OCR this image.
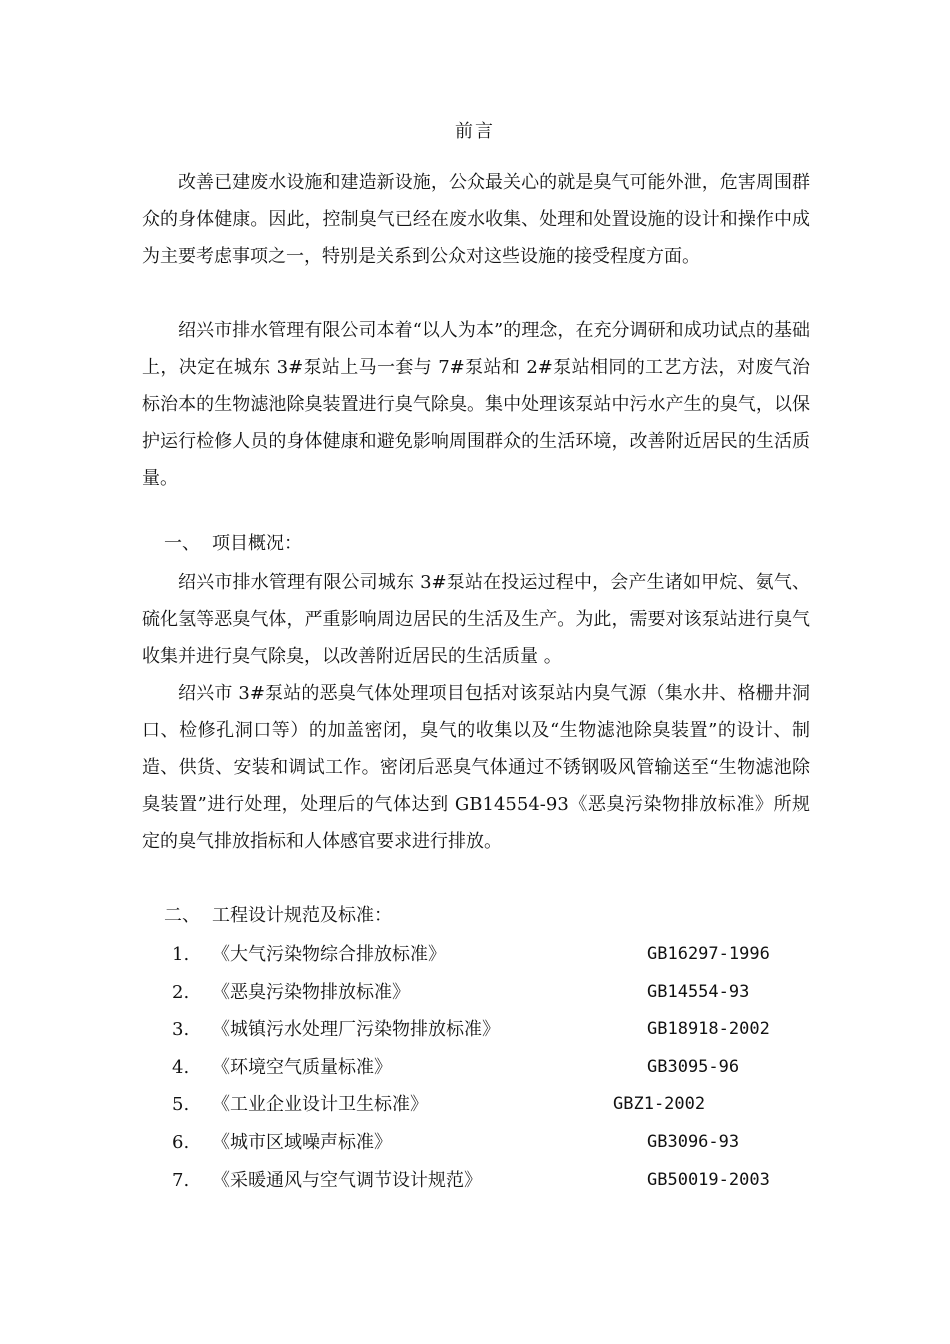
前言

改善已建废水设施和建造新设施，公众最关心的就是臭气可能外泄，危害周围群众的身体健康。因此，控制臭气已经在废水收集、处理和处置设施的设计和操作中成为主要考虑事项之一，特别是关系到公众对这些设施的接受程度方面。

绍兴市排水管理有限公司本着“以人为本”的理念，在充分调研和成功试点的基础上，决定在城东 3#泵站上马一套与 7#泵站和 2#泵站相同的工艺方法，对废气治标治本的生物滤池除臭装置进行臭气除臭。集中处理该泵站中污水产生的臭气，以保护运行检修人员的身体健康和避免影响周围群众的生活环境，改善附近居民的生活质量。

一、 项目概况：

绍兴市排水管理有限公司城东 3#泵站在投运过程中，会产生诸如甲烷、氨气、硫化氢等恶臭气体，严重影响周边居民的生活及生产。为此，需要对该泵站进行臭气收集并进行臭气除臭，以改善附近居民的生活质量 。

绍兴市 3#泵站的恶臭气体处理项目包括对该泵站内臭气源（集水井、格栅井洞口、检修孔洞口等）的加盖密闭，臭气的收集以及“生物滤池除臭装置”的设计、制造、供货、安装和调试工作。密闭后恶臭气体通过不锈钢吸风管输送至“生物滤池除臭装置”进行处理，处理后的气体达到 GB14554-93《恶臭污染物排放标准》所规定的臭气排放指标和人体感官要求进行排放。

二、 工程设计规范及标准：
1.	《大气污染物综合排放标准》	GB16297-1996
2.	《恶臭污染物排放标准》	GB14554-93
3.	《城镇污水处理厂污染物排放标准》	GB18918-2002
4.	《环境空气质量标准》	GB3095-96
5.	《工业企业设计卫生标准》	GBZ1-2002
6.	《城市区域噪声标准》	GB3096-93
7.	《采暖通风与空气调节设计规范》	GB50019-2003
